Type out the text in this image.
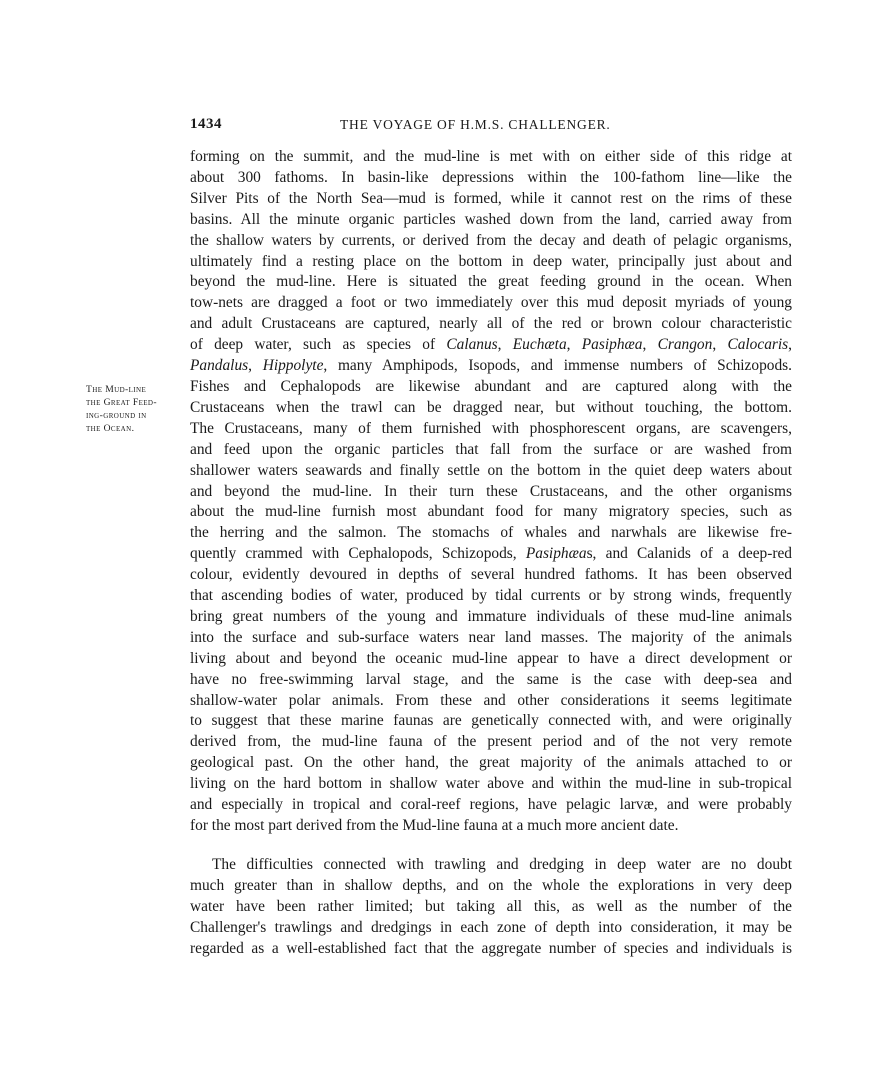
1434	THE VOYAGE OF H.M.S. CHALLENGER.
The Mud-line
the Great Feed-
ing-ground in
the Ocean.
forming on the summit, and the mud-line is met with on either side of this ridge at
about 300 fathoms. In basin-like depressions within the 100-fathom line—like the
Silver Pits of the North Sea—mud is formed, while it cannot rest on the rims of these
basins. All the minute organic particles washed down from the land, carried away from
the shallow waters by currents, or derived from the decay and death of pelagic organisms,
ultimately find a resting place on the bottom in deep water, principally just about and
beyond the mud-line. Here is situated the great feeding ground in the ocean. When
tow-nets are dragged a foot or two immediately over this mud deposit myriads of young
and adult Crustaceans are captured, nearly all of the red or brown colour characteristic
of deep water, such as species of Calanus, Euchæta, Pasiphæa, Crangon, Calocaris,
Pandalus, Hippolyte, many Amphipods, Isopods, and immense numbers of Schizopods.
Fishes and Cephalopods are likewise abundant and are captured along with the
Crustaceans when the trawl can be dragged near, but without touching, the bottom.
The Crustaceans, many of them furnished with phosphorescent organs, are scavengers,
and feed upon the organic particles that fall from the surface or are washed from
shallower waters seawards and finally settle on the bottom in the quiet deep waters about
and beyond the mud-line. In their turn these Crustaceans, and the other organisms
about the mud-line furnish most abundant food for many migratory species, such as
the herring and the salmon. The stomachs of whales and narwhals are likewise fre-
quently crammed with Cephalopods, Schizopods, Pasiphæas, and Calanids of a deep-red
colour, evidently devoured in depths of several hundred fathoms. It has been observed
that ascending bodies of water, produced by tidal currents or by strong winds, frequently
bring great numbers of the young and immature individuals of these mud-line animals
into the surface and sub-surface waters near land masses. The majority of the animals
living about and beyond the oceanic mud-line appear to have a direct development or
have no free-swimming larval stage, and the same is the case with deep-sea and
shallow-water polar animals. From these and other considerations it seems legitimate
to suggest that these marine faunas are genetically connected with, and were originally
derived from, the mud-line fauna of the present period and of the not very remote
geological past. On the other hand, the great majority of the animals attached to or
living on the hard bottom in shallow water above and within the mud-line in sub-tropical
and especially in tropical and coral-reef regions, have pelagic larvæ, and were probably
for the most part derived from the Mud-line fauna at a much more ancient date.
The difficulties connected with trawling and dredging in deep water are no doubt
much greater than in shallow depths, and on the whole the explorations in very deep
water have been rather limited; but taking all this, as well as the number of the
Challenger's trawlings and dredgings in each zone of depth into consideration, it may be
regarded as a well-established fact that the aggregate number of species and individuals is
